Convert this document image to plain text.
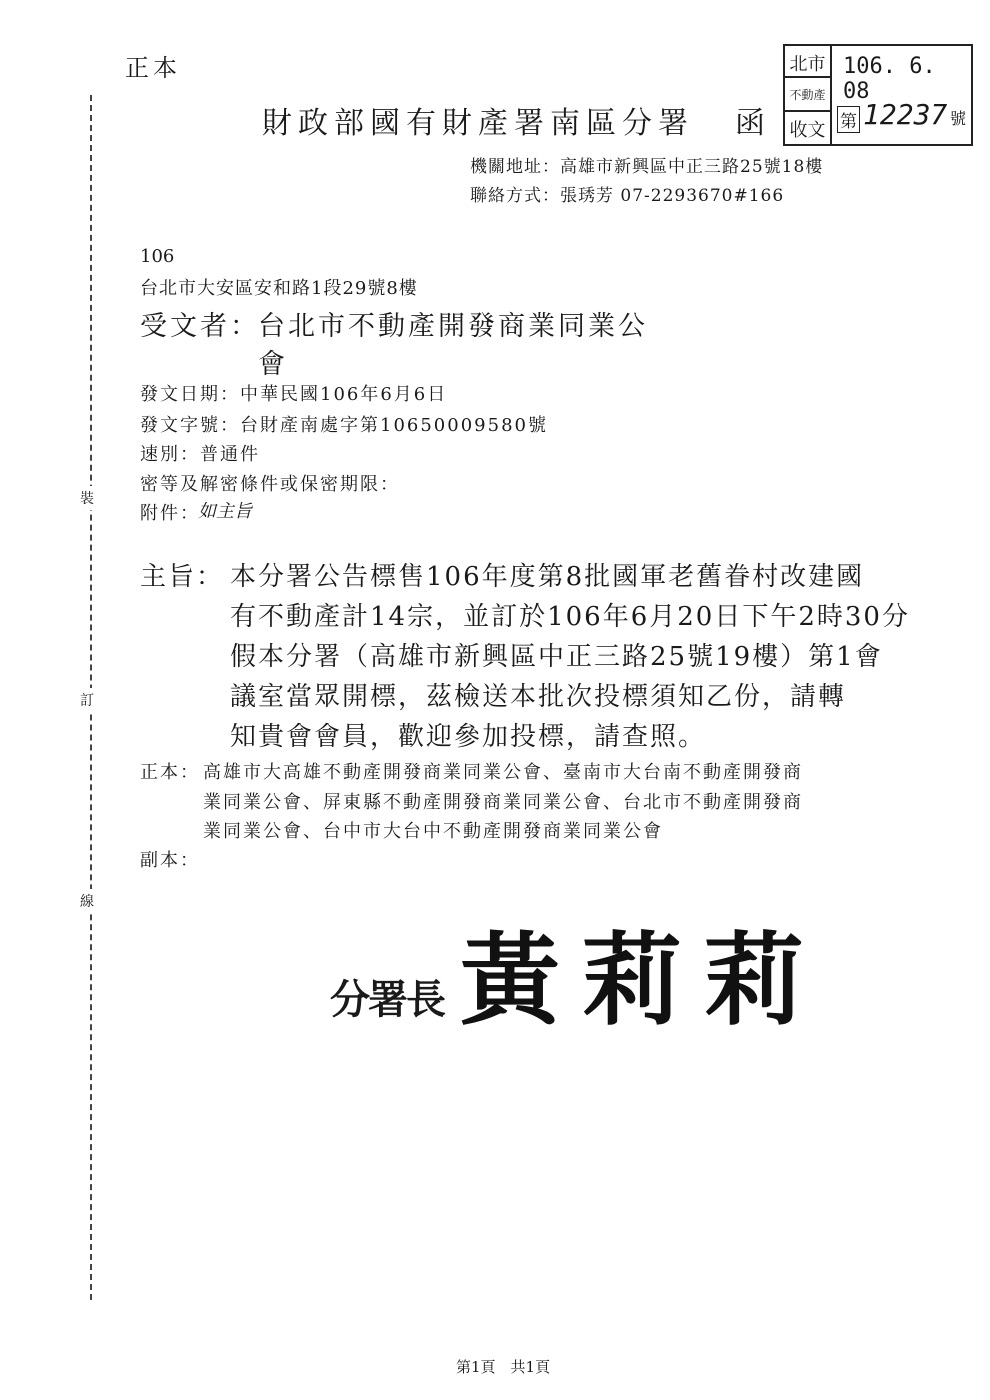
正本
財政部國有財產署南區分署 函
北市
不動產
收文
106. 6. 08
第 12237 號
機關地址：高雄市新興區中正三路25號18樓
聯絡方式：張琇芳 07-2293670#166
裝
訂
線
106
台北市大安區安和路1段29號8樓
受文者：
台北市不動產開發商業同業公
會
發文日期：中華民國106年6月6日
發文字號：台財產南處字第10650009580號
速別：普通件
密等及解密條件或保密期限：
附件：
如主旨
主旨： 本分署公告標售106年度第8批國軍老舊眷村改建國
有不動產計14宗，並訂於106年6月20日下午2時30分
假本分署（高雄市新興區中正三路25號19樓）第1會
議室當眾開標，茲檢送本批次投標須知乙份，請轉
知貴會會員，歡迎參加投標，請查照。
正本： 高雄市大高雄不動產開發商業同業公會、臺南市大台南不動產開發商
業同業公會、屏東縣不動產開發商業同業公會、台北市不動產開發商
業同業公會、台中市大台中不動產開發商業同業公會
副本：
分署長 黃莉莉
第1頁　共1頁
